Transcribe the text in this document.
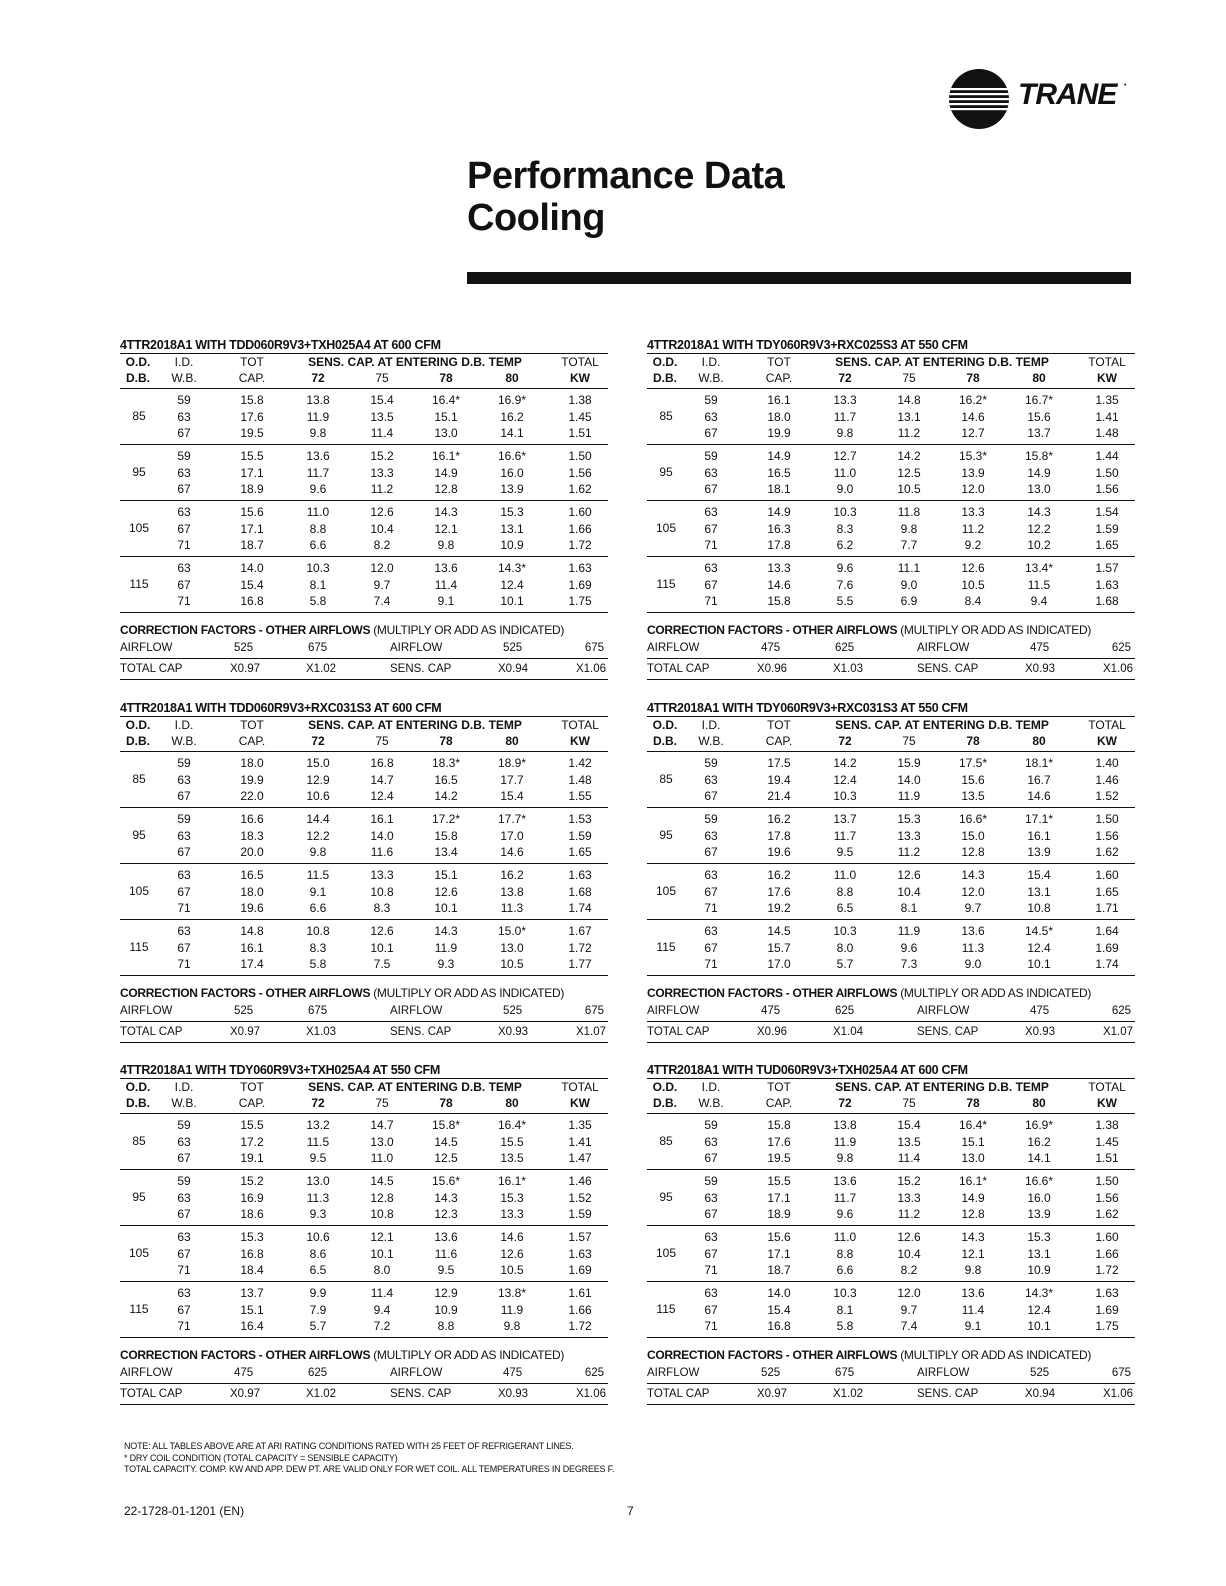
TRANE •
Performance Data
Cooling
4TTR2018A1 WITH TDD060R9V3+TXH025A4 AT 600 CFM
O.D.
D.B.
I.D.
W.B.
TOT
CAP.
SENS. CAP. AT ENTERING D.B. TEMP
72	75	78	80
TOTAL
KW
85
59	15.8	13.8	15.4	16.4*	16.9*	1.38
63	17.6	11.9	13.5	15.1	16.2	1.45
67	19.5	9.8	11.4	13.0	14.1	1.51
95
59	15.5	13.6	15.2	16.1*	16.6*	1.50
63	17.1	11.7	13.3	14.9	16.0	1.56
67	18.9	9.6	11.2	12.8	13.9	1.62
105
63	15.6	11.0	12.6	14.3	15.3	1.60
67	17.1	8.8	10.4	12.1	13.1	1.66
71	18.7	6.6	8.2	9.8	10.9	1.72
115
63	14.0	10.3	12.0	13.6	14.3*	1.63
67	15.4	8.1	9.7	11.4	12.4	1.69
71	16.8	5.8	7.4	9.1	10.1	1.75
CORRECTION FACTORS - OTHER AIRFLOWS (MULTIPLY OR ADD AS INDICATED)
AIRFLOW	525	675	AIRFLOW	525	675
TOTAL CAP	X0.97	X1.02	SENS. CAP	X0.94	X1.06
4TTR2018A1 WITH TDY060R9V3+RXC025S3 AT 550 CFM
O.D.
D.B.
I.D.
W.B.
TOT
CAP.
SENS. CAP. AT ENTERING D.B. TEMP
72	75	78	80
TOTAL
KW
85
59	16.1	13.3	14.8	16.2*	16.7*	1.35
63	18.0	11.7	13.1	14.6	15.6	1.41
67	19.9	9.8	11.2	12.7	13.7	1.48
95
59	14.9	12.7	14.2	15.3*	15.8*	1.44
63	16.5	11.0	12.5	13.9	14.9	1.50
67	18.1	9.0	10.5	12.0	13.0	1.56
105
63	14.9	10.3	11.8	13.3	14.3	1.54
67	16.3	8.3	9.8	11.2	12.2	1.59
71	17.8	6.2	7.7	9.2	10.2	1.65
115
63	13.3	9.6	11.1	12.6	13.4*	1.57
67	14.6	7.6	9.0	10.5	11.5	1.63
71	15.8	5.5	6.9	8.4	9.4	1.68
CORRECTION FACTORS - OTHER AIRFLOWS (MULTIPLY OR ADD AS INDICATED)
AIRFLOW	475	625	AIRFLOW	475	625
TOTAL CAP	X0.96	X1.03	SENS. CAP	X0.93	X1.06
4TTR2018A1 WITH TDD060R9V3+RXC031S3 AT 600 CFM
O.D.
D.B.
I.D.
W.B.
TOT
CAP.
SENS. CAP. AT ENTERING D.B. TEMP
72	75	78	80
TOTAL
KW
85
59	18.0	15.0	16.8	18.3*	18.9*	1.42
63	19.9	12.9	14.7	16.5	17.7	1.48
67	22.0	10.6	12.4	14.2	15.4	1.55
95
59	16.6	14.4	16.1	17.2*	17.7*	1.53
63	18.3	12.2	14.0	15.8	17.0	1.59
67	20.0	9.8	11.6	13.4	14.6	1.65
105
63	16.5	11.5	13.3	15.1	16.2	1.63
67	18.0	9.1	10.8	12.6	13.8	1.68
71	19.6	6.6	8.3	10.1	11.3	1.74
115
63	14.8	10.8	12.6	14.3	15.0*	1.67
67	16.1	8.3	10.1	11.9	13.0	1.72
71	17.4	5.8	7.5	9.3	10.5	1.77
CORRECTION FACTORS - OTHER AIRFLOWS (MULTIPLY OR ADD AS INDICATED)
AIRFLOW	525	675	AIRFLOW	525	675
TOTAL CAP	X0.97	X1.03	SENS. CAP	X0.93	X1.07
4TTR2018A1 WITH TDY060R9V3+RXC031S3 AT 550 CFM
O.D.
D.B.
I.D.
W.B.
TOT
CAP.
SENS. CAP. AT ENTERING D.B. TEMP
72	75	78	80
TOTAL
KW
85
59	17.5	14.2	15.9	17.5*	18.1*	1.40
63	19.4	12.4	14.0	15.6	16.7	1.46
67	21.4	10.3	11.9	13.5	14.6	1.52
95
59	16.2	13.7	15.3	16.6*	17.1*	1.50
63	17.8	11.7	13.3	15.0	16.1	1.56
67	19.6	9.5	11.2	12.8	13.9	1.62
105
63	16.2	11.0	12.6	14.3	15.4	1.60
67	17.6	8.8	10.4	12.0	13.1	1.65
71	19.2	6.5	8.1	9.7	10.8	1.71
115
63	14.5	10.3	11.9	13.6	14.5*	1.64
67	15.7	8.0	9.6	11.3	12.4	1.69
71	17.0	5.7	7.3	9.0	10.1	1.74
CORRECTION FACTORS - OTHER AIRFLOWS (MULTIPLY OR ADD AS INDICATED)
AIRFLOW	475	625	AIRFLOW	475	625
TOTAL CAP	X0.96	X1.04	SENS. CAP	X0.93	X1.07
4TTR2018A1 WITH TDY060R9V3+TXH025A4 AT 550 CFM
O.D.
D.B.
I.D.
W.B.
TOT
CAP.
SENS. CAP. AT ENTERING D.B. TEMP
72	75	78	80
TOTAL
KW
85
59	15.5	13.2	14.7	15.8*	16.4*	1.35
63	17.2	11.5	13.0	14.5	15.5	1.41
67	19.1	9.5	11.0	12.5	13.5	1.47
95
59	15.2	13.0	14.5	15.6*	16.1*	1.46
63	16.9	11.3	12.8	14.3	15.3	1.52
67	18.6	9.3	10.8	12.3	13.3	1.59
105
63	15.3	10.6	12.1	13.6	14.6	1.57
67	16.8	8.6	10.1	11.6	12.6	1.63
71	18.4	6.5	8.0	9.5	10.5	1.69
115
63	13.7	9.9	11.4	12.9	13.8*	1.61
67	15.1	7.9	9.4	10.9	11.9	1.66
71	16.4	5.7	7.2	8.8	9.8	1.72
CORRECTION FACTORS - OTHER AIRFLOWS (MULTIPLY OR ADD AS INDICATED)
AIRFLOW	475	625	AIRFLOW	475	625
TOTAL CAP	X0.97	X1.02	SENS. CAP	X0.93	X1.06
4TTR2018A1 WITH TUD060R9V3+TXH025A4 AT 600 CFM
O.D.
D.B.
I.D.
W.B.
TOT
CAP.
SENS. CAP. AT ENTERING D.B. TEMP
72	75	78	80
TOTAL
KW
85
59	15.8	13.8	15.4	16.4*	16.9*	1.38
63	17.6	11.9	13.5	15.1	16.2	1.45
67	19.5	9.8	11.4	13.0	14.1	1.51
95
59	15.5	13.6	15.2	16.1*	16.6*	1.50
63	17.1	11.7	13.3	14.9	16.0	1.56
67	18.9	9.6	11.2	12.8	13.9	1.62
105
63	15.6	11.0	12.6	14.3	15.3	1.60
67	17.1	8.8	10.4	12.1	13.1	1.66
71	18.7	6.6	8.2	9.8	10.9	1.72
115
63	14.0	10.3	12.0	13.6	14.3*	1.63
67	15.4	8.1	9.7	11.4	12.4	1.69
71	16.8	5.8	7.4	9.1	10.1	1.75
CORRECTION FACTORS - OTHER AIRFLOWS (MULTIPLY OR ADD AS INDICATED)
AIRFLOW	525	675	AIRFLOW	525	675
TOTAL CAP	X0.97	X1.02	SENS. CAP	X0.94	X1.06
NOTE: ALL TABLES ABOVE ARE AT ARI RATING CONDITIONS RATED WITH 25 FEET OF REFRIGERANT LINES.
* DRY COIL CONDITION (TOTAL CAPACITY = SENSIBLE CAPACITY)
TOTAL CAPACITY. COMP. KW AND APP. DEW PT. ARE VALID ONLY FOR WET COIL. ALL TEMPERATURES IN DEGREES F.
22-1728-01-1201 (EN)	7
